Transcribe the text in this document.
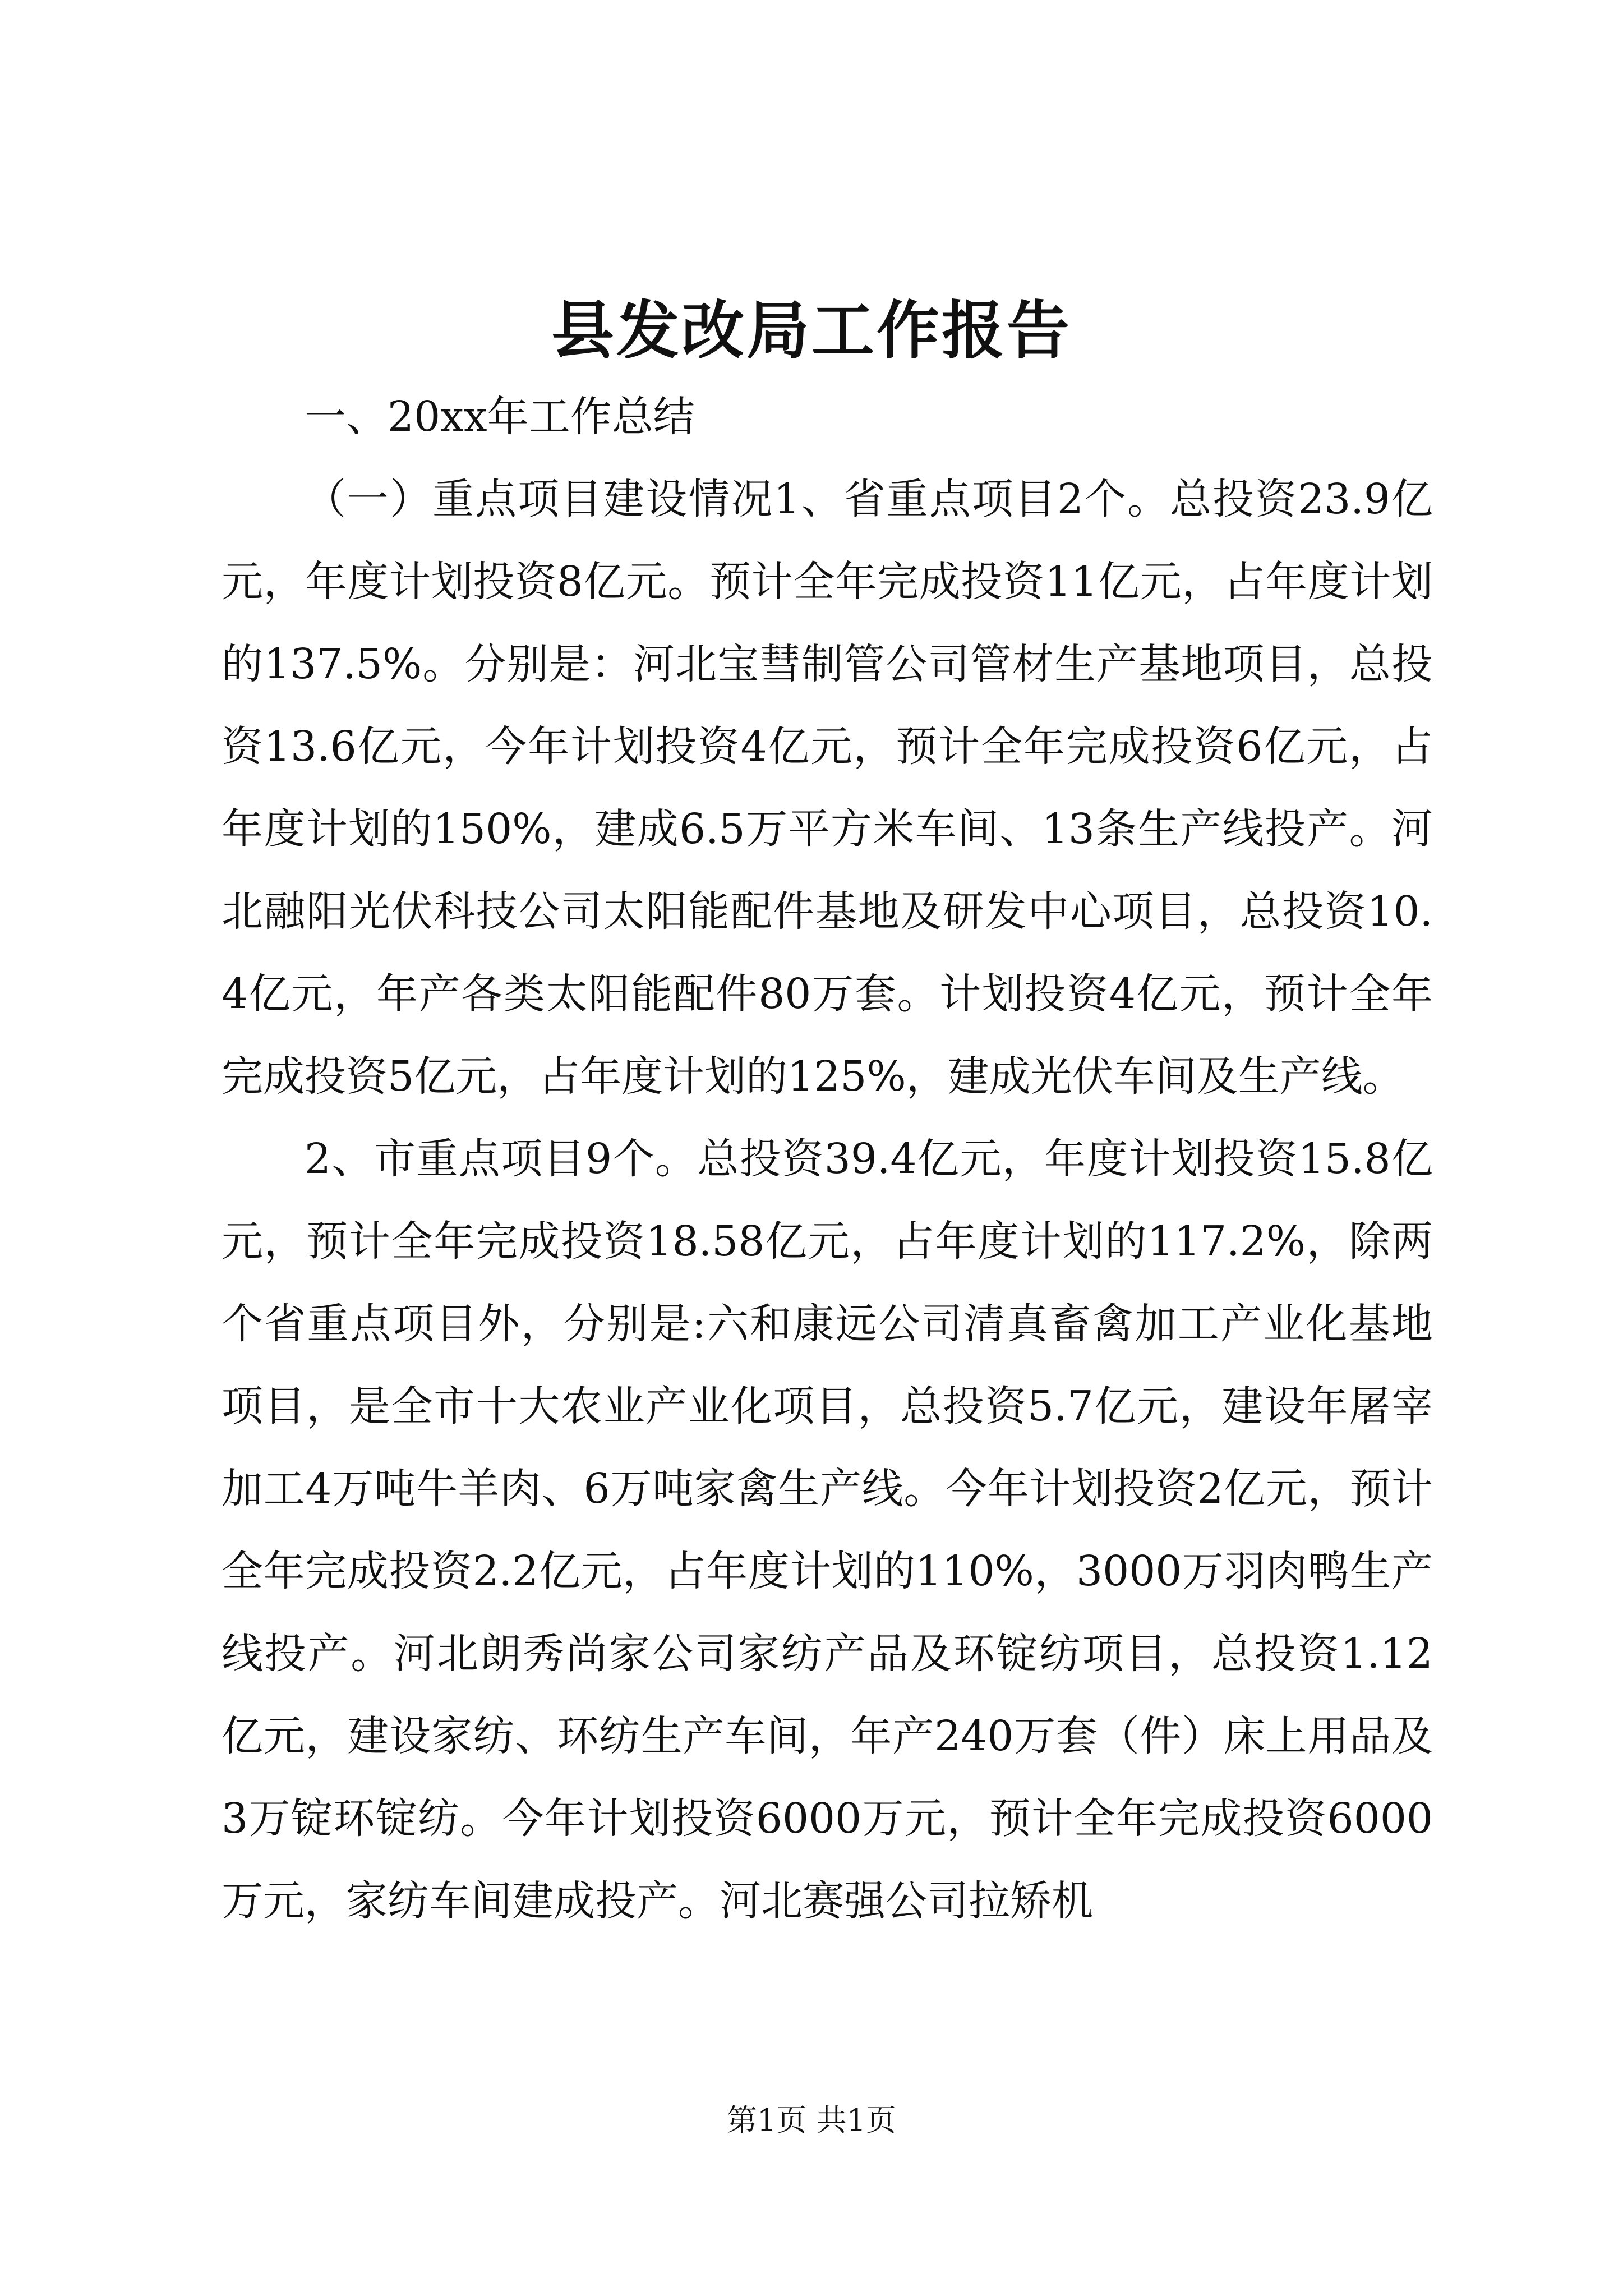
县发改局工作报告

一、20xx年工作总结

（一）重点项目建设情况1、省重点项目2个。总投资23.9亿元，年度计划投资8亿元。预计全年完成投资11亿元，占年度计划的137.5%。分别是：河北宝彗制管公司管材生产基地项目，总投资13.6亿元，今年计划投资4亿元，预计全年完成投资6亿元，占年度计划的150%，建成6.5万平方米车间、13条生产线投产。河北融阳光伏科技公司太阳能配件基地及研发中心项目，总投资10.4亿元，年产各类太阳能配件80万套。计划投资4亿元，预计全年完成投资5亿元，占年度计划的125%，建成光伏车间及生产线。

2、市重点项目9个。总投资39.4亿元，年度计划投资15.8亿元，预计全年完成投资18.58亿元，占年度计划的117.2%，除两个省重点项目外，分别是:六和康远公司清真畜禽加工产业化基地项目，是全市十大农业产业化项目，总投资5.7亿元，建设年屠宰加工4万吨牛羊肉、6万吨家禽生产线。今年计划投资2亿元，预计全年完成投资2.2亿元，占年度计划的110%，3000万羽肉鸭生产线投产。河北朗秀尚家公司家纺产品及环锭纺项目，总投资1.12亿元，建设家纺、环纺生产车间，年产240万套（件）床上用品及3万锭环锭纺。今年计划投资6000万元，预计全年完成投资6000万元，家纺车间建成投产。河北赛强公司拉矫机

第1页 共1页
